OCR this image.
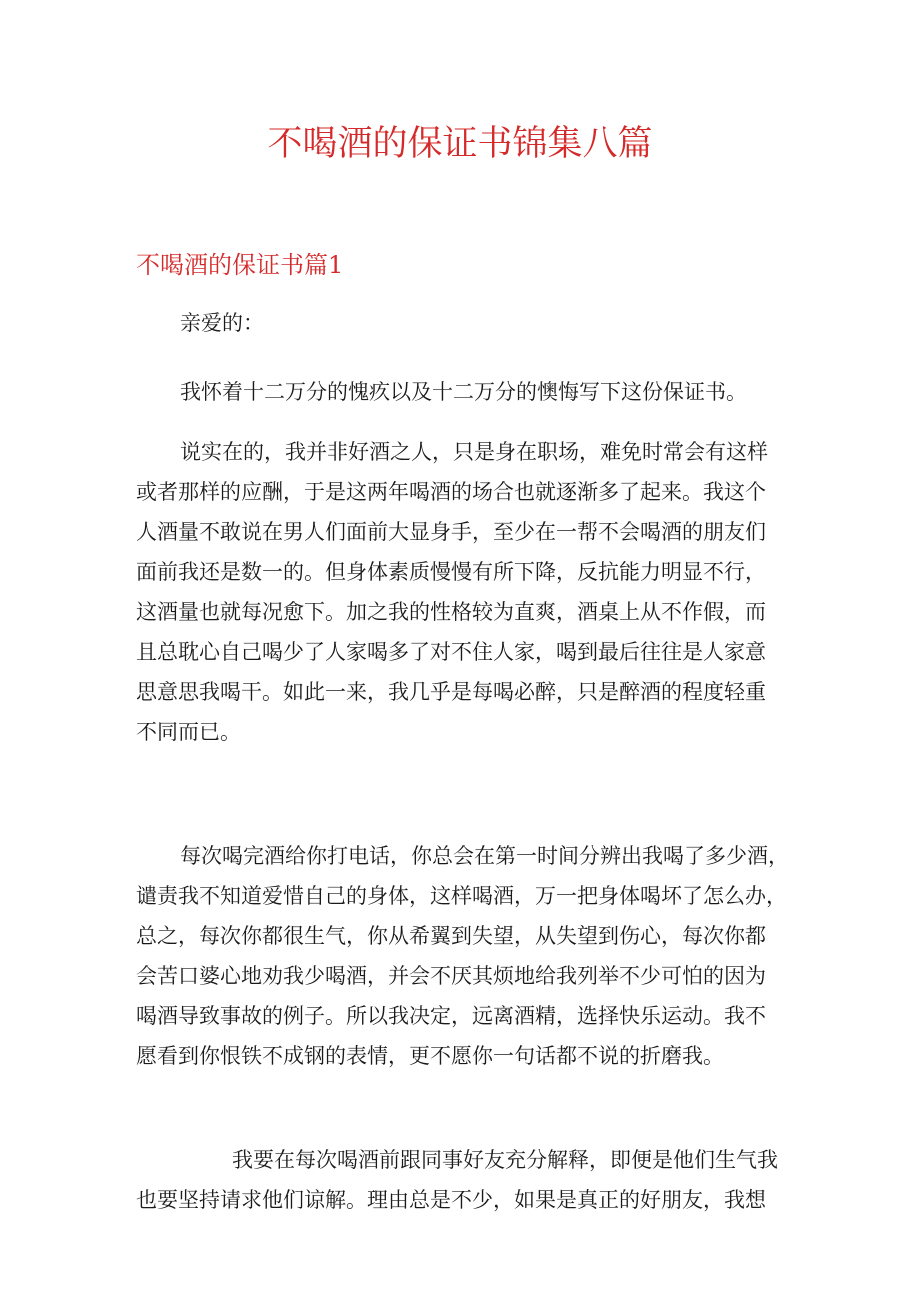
不喝酒的保证书锦集八篇
不喝酒的保证书篇1

亲爱的：

我怀着十二万分的愧疚以及十二万分的懊悔写下这份保证书。

说实在的，我并非好酒之人，只是身在职场，难免时常会有这样
或者那样的应酬，于是这两年喝酒的场合也就逐渐多了起来。我这个
人酒量不敢说在男人们面前大显身手，至少在一帮不会喝酒的朋友们
面前我还是数一的。但身体素质慢慢有所下降，反抗能力明显不行，
这酒量也就每况愈下。加之我的性格较为直爽，酒桌上从不作假，而
且总耽心自己喝少了人家喝多了对不住人家，喝到最后往往是人家意
思意思我喝干。如此一来，我几乎是每喝必醉，只是醉酒的程度轻重
不同而已。

每次喝完酒给你打电话，你总会在第一时间分辨出我喝了多少酒，
谴责我不知道爱惜自己的身体，这样喝酒，万一把身体喝坏了怎么办，
总之，每次你都很生气，你从希翼到失望，从失望到伤心，每次你都
会苦口婆心地劝我少喝酒，并会不厌其烦地给我列举不少可怕的因为
喝酒导致事故的例子。所以我决定，远离酒精，选择快乐运动。我不
愿看到你恨铁不成钢的表情，更不愿你一句话都不说的折磨我。

我要在每次喝酒前跟同事好友充分解释，即便是他们生气我
也要坚持请求他们谅解。理由总是不少，如果是真正的好朋友，我想
